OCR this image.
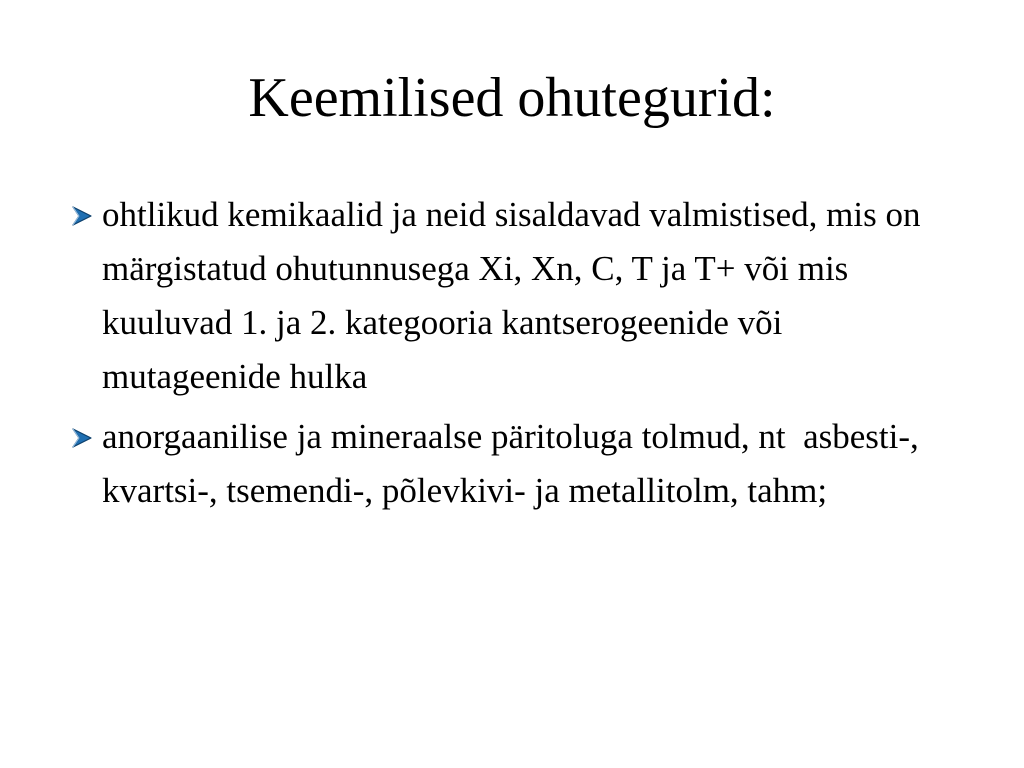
Keemilised ohutegurid:
ohtlikud kemikaalid ja neid sisaldavad valmistised, mis on märgistatud ohutunnusega Xi, Xn, C, T ja T+ või mis kuuluvad 1. ja 2. kategooria kantserogeenide või mutageenide hulka
anorgaanilise ja mineraalse päritoluga tolmud, nt  asbesti-, kvartsi-, tsemendi-, põlevkivi- ja metallitolm, tahm;
